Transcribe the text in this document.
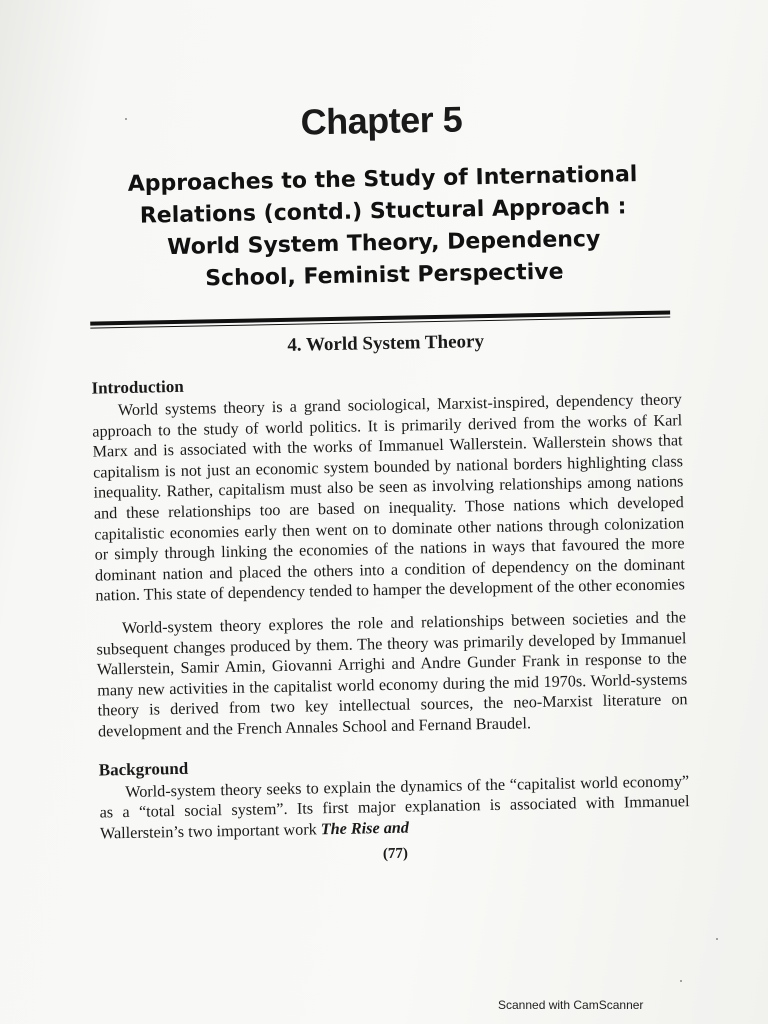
Chapter 5
Approaches to the Study of International
Relations (contd.) Stuctural Approach :
World System Theory, Dependency
School, Feminist Perspective
4. World System Theory
Introduction

World systems theory is a grand sociological, Marxist-inspired, dependency theory approach to the study of world politics. It is primarily derived from the works of Karl Marx and is associated with the works of Immanuel Wallerstein. Wallerstein shows that capitalism is not just an economic system bounded by national borders highlighting class inequality. Rather, capitalism must also be seen as involving relationships among nations and these relationships too are based on inequality. Those nations which developed capitalistic economies early then went on to dominate other nations through colonization or simply through linking the economies of the nations in ways that favoured the more dominant nation and placed the others into a condition of dependency on the dominant nation. This state of dependency tended to hamper the development of the other economies

World-system theory explores the role and relationships between societies and the subsequent changes produced by them. The theory was primarily developed by Immanuel Wallerstein, Samir Amin, Giovanni Arrighi and Andre Gunder Frank in response to the many new activities in the capitalist world economy during the mid 1970s. World-systems theory is derived from two key intellectual sources, the neo-Marxist literature on development and the French Annales School and Fernand Braudel.

Background

World-system theory seeks to explain the dynamics of the “capitalist world economy” as a “total social system”. Its first major explanation is associated with Immanuel Wallerstein’s two important work The Rise and

(77)
Scanned with CamScanner
